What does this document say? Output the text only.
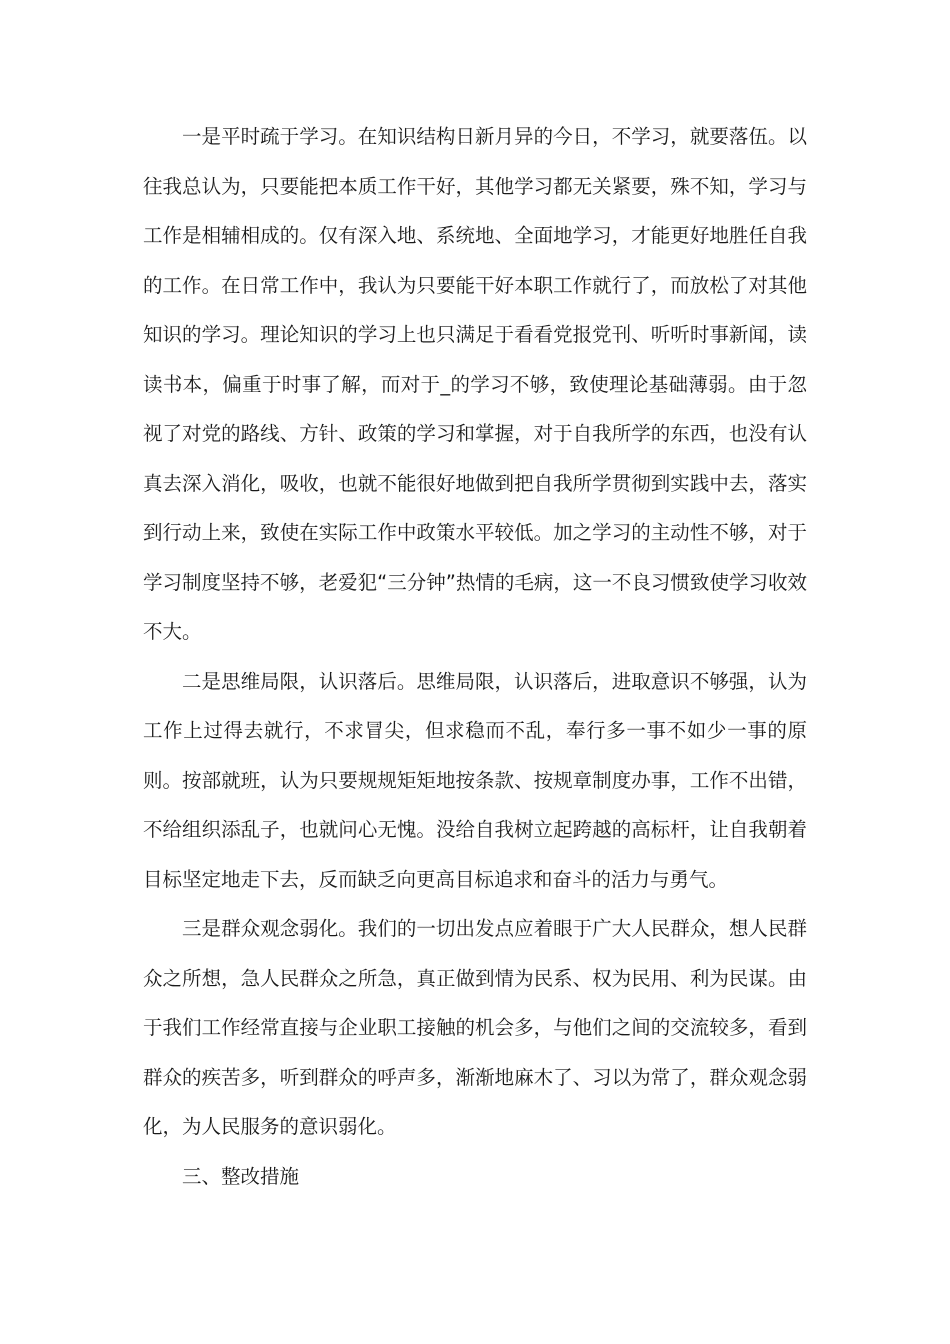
一是平时疏于学习。在知识结构日新月异的今日，不学习，就要落伍。以往我总认为，只要能把本质工作干好，其他学习都无关紧要，殊不知，学习与工作是相辅相成的。仅有深入地、系统地、全面地学习，才能更好地胜任自我的工作。在日常工作中，我认为只要能干好本职工作就行了，而放松了对其他知识的学习。理论知识的学习上也只满足于看看党报党刊、听听时事新闻，读读书本，偏重于时事了解，而对于_的学习不够，致使理论基础薄弱。由于忽视了对党的路线、方针、政策的学习和掌握，对于自我所学的东西，也没有认真去深入消化，吸收，也就不能很好地做到把自我所学贯彻到实践中去，落实到行动上来，致使在实际工作中政策水平较低。加之学习的主动性不够，对于学习制度坚持不够，老爱犯“三分钟”热情的毛病，这一不良习惯致使学习收效不大。

二是思维局限，认识落后。思维局限，认识落后，进取意识不够强，认为工作上过得去就行，不求冒尖，但求稳而不乱，奉行多一事不如少一事的原则。按部就班，认为只要规规矩矩地按条款、按规章制度办事，工作不出错，不给组织添乱子，也就问心无愧。没给自我树立起跨越的高标杆，让自我朝着目标坚定地走下去，反而缺乏向更高目标追求和奋斗的活力与勇气。

三是群众观念弱化。我们的一切出发点应着眼于广大人民群众，想人民群众之所想，急人民群众之所急，真正做到情为民系、权为民用、利为民谋。由于我们工作经常直接与企业职工接触的机会多，与他们之间的交流较多，看到群众的疾苦多，听到群众的呼声多，渐渐地麻木了、习以为常了，群众观念弱化，为人民服务的意识弱化。

三、整改措施
